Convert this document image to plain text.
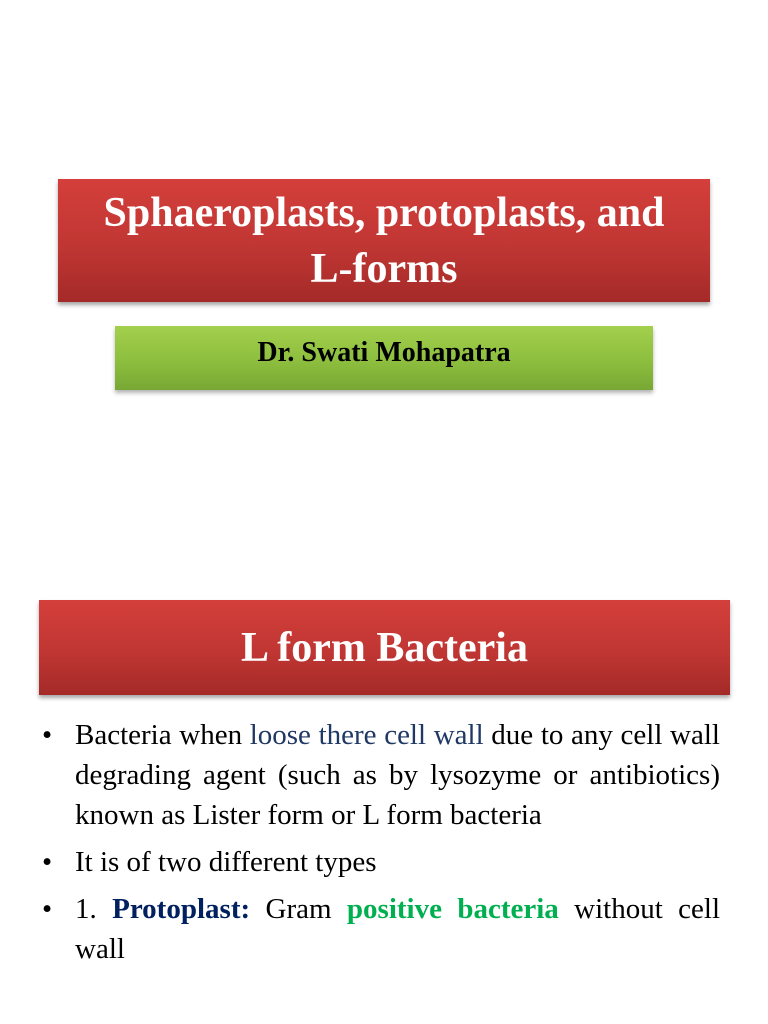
Sphaeroplasts, protoplasts, and
L-forms
Dr. Swati Mohapatra
L form Bacteria
• Bacteria when loose there cell wall due to any cell wall degrading agent (such as by lysozyme or antibiotics) known as Lister form or L form bacteria
• It is of two different types
• 1. Protoplast: Gram positive bacteria without cell wall
